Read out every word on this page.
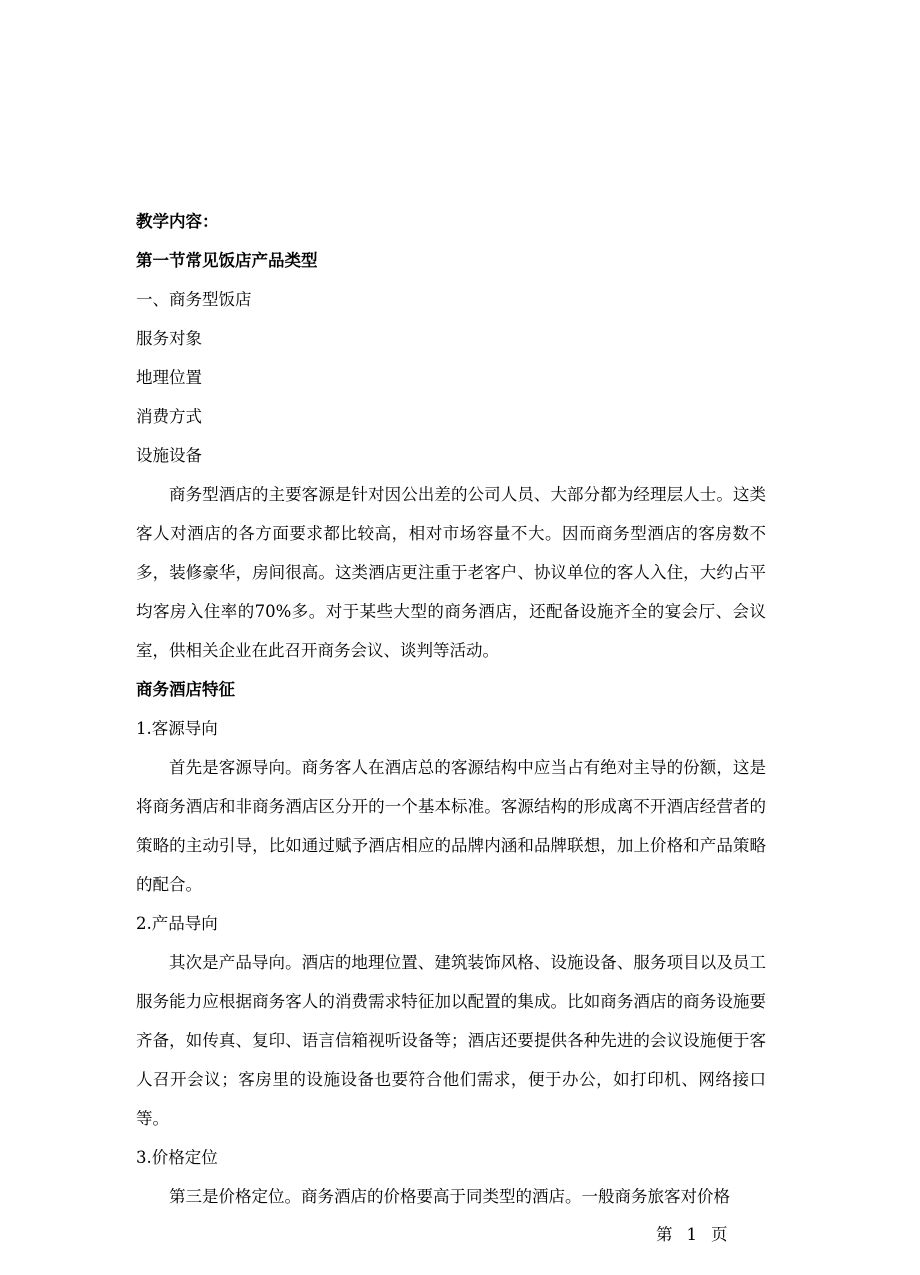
教学内容：
第一节常见饭店产品类型
一、商务型饭店
服务对象
地理位置
消费方式
设施设备

商务型酒店的主要客源是针对因公出差的公司人员、大部分都为经理层人士。这类客人对酒店的各方面要求都比较高，相对市场容量不大。因而商务型酒店的客房数不多，装修豪华，房间很高。这类酒店更注重于老客户、协议单位的客人入住，大约占平均客房入住率的70%多。对于某些大型的商务酒店，还配备设施齐全的宴会厅、会议室，供相关企业在此召开商务会议、谈判等活动。

商务酒店特征
1.客源导向

首先是客源导向。商务客人在酒店总的客源结构中应当占有绝对主导的份额，这是将商务酒店和非商务酒店区分开的一个基本标准。客源结构的形成离不开酒店经营者的策略的主动引导，比如通过赋予酒店相应的品牌内涵和品牌联想，加上价格和产品策略的配合。

2.产品导向

其次是产品导向。酒店的地理位置、建筑装饰风格、设施设备、服务项目以及员工服务能力应根据商务客人的消费需求特征加以配置的集成。比如商务酒店的商务设施要齐备，如传真、复印、语言信箱视听设备等；酒店还要提供各种先进的会议设施便于客人召开会议；客房里的设施设备也要符合他们需求，便于办公，如打印机、网络接口等。

3.价格定位

第三是价格定位。商务酒店的价格要高于同类型的酒店。一般商务旅客对价格

第 1 页
